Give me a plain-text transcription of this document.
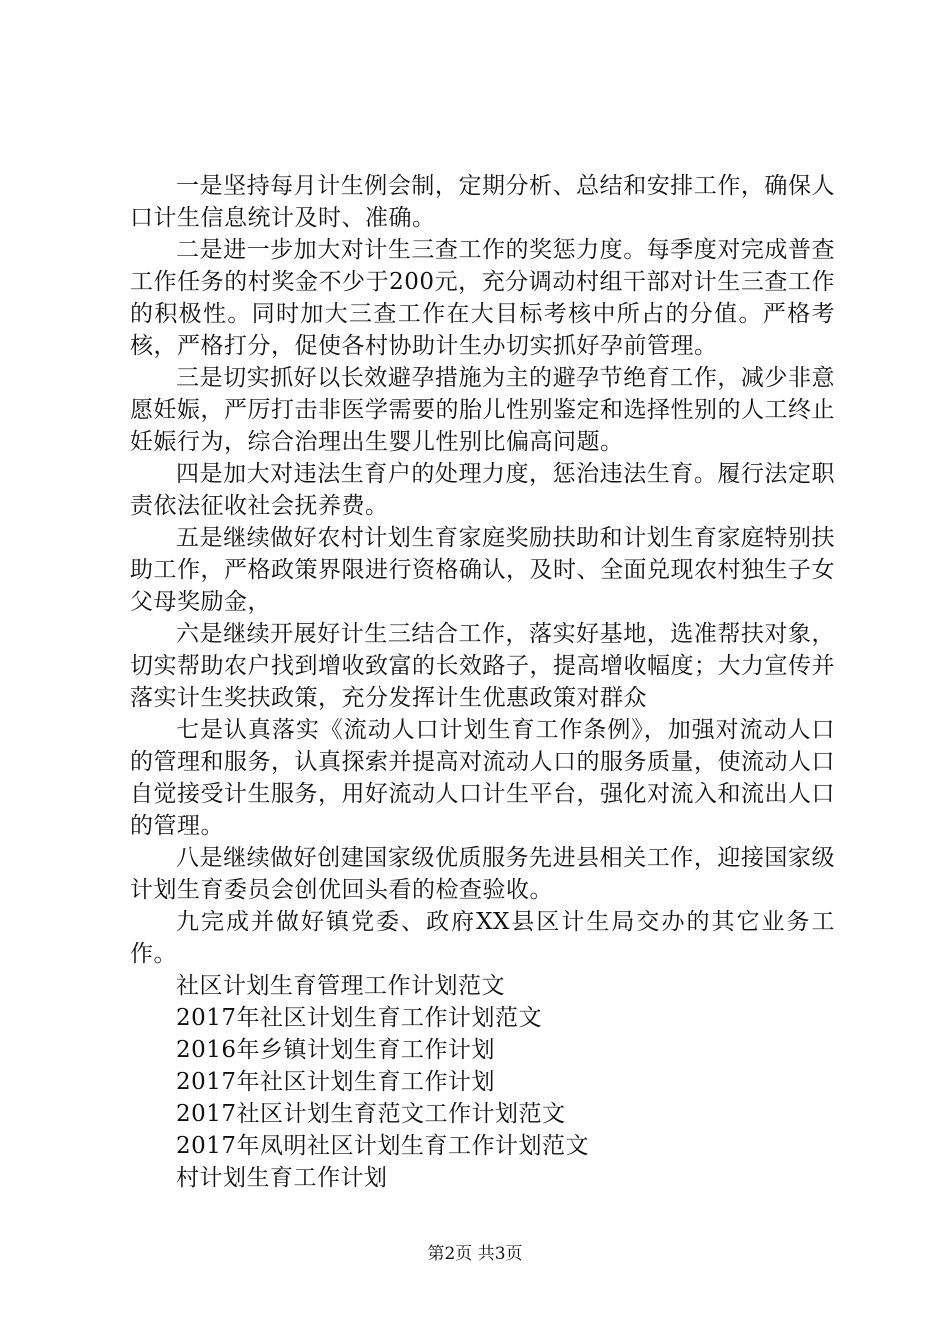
一是坚持每月计生例会制，定期分析、总结和安排工作，确保人口计生信息统计及时、准确。

二是进一步加大对计生三查工作的奖惩力度。每季度对完成普查工作任务的村奖金不少于200元，充分调动村组干部对计生三查工作的积极性。同时加大三查工作在大目标考核中所占的分值。严格考核，严格打分，促使各村协助计生办切实抓好孕前管理。

三是切实抓好以长效避孕措施为主的避孕节绝育工作，减少非意愿妊娠，严厉打击非医学需要的胎儿性别鉴定和选择性别的人工终止妊娠行为，综合治理出生婴儿性别比偏高问题。

四是加大对违法生育户的处理力度，惩治违法生育。履行法定职责依法征收社会抚养费。

五是继续做好农村计划生育家庭奖励扶助和计划生育家庭特别扶助工作，严格政策界限进行资格确认，及时、全面兑现农村独生子女父母奖励金，

六是继续开展好计生三结合工作，落实好基地，选准帮扶对象，切实帮助农户找到增收致富的长效路子，提高增收幅度；大力宣传并落实计生奖扶政策，充分发挥计生优惠政策对群众

七是认真落实《流动人口计划生育工作条例》，加强对流动人口的管理和服务，认真探索并提高对流动人口的服务质量，使流动人口自觉接受计生服务，用好流动人口计生平台，强化对流入和流出人口的管理。

八是继续做好创建国家级优质服务先进县相关工作，迎接国家级计划生育委员会创优回头看的检查验收。

九完成并做好镇党委、政府XX县区计生局交办的其它业务工作。

社区计划生育管理工作计划范文
2017年社区计划生育工作计划范文
2016年乡镇计划生育工作计划
2017年社区计划生育工作计划
2017社区计划生育范文工作计划范文
2017年凤明社区计划生育工作计划范文
村计划生育工作计划
第2页 共3页
